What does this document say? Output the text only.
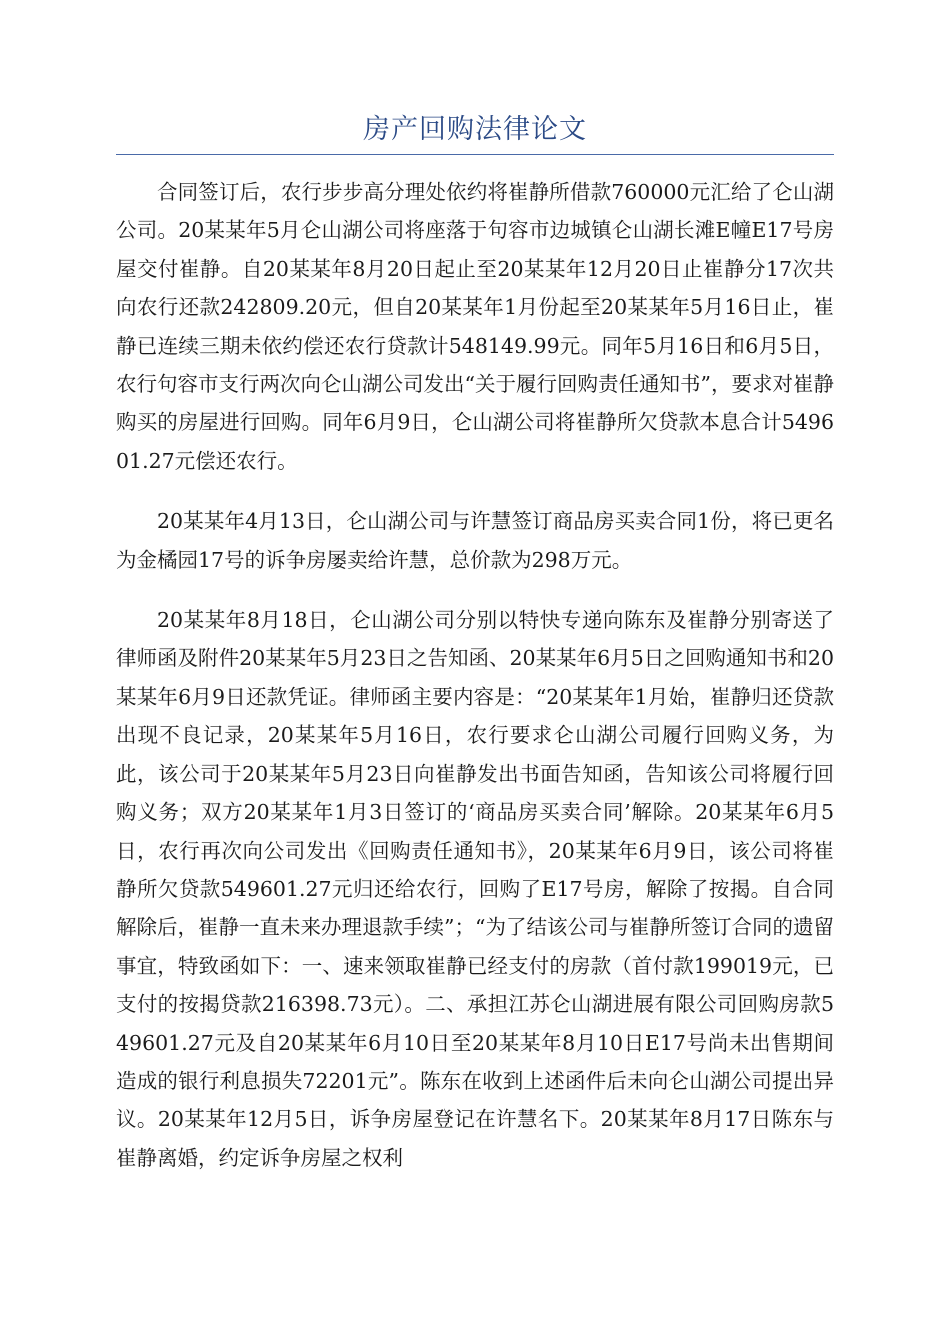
房产回购法律论文

合同签订后，农行步步高分理处依约将崔静所借款760000元汇给了仑山湖公司。20某某年5月仑山湖公司将座落于句容市边城镇仑山湖长滩E幢E17号房屋交付崔静。自20某某年8月20日起止至20某某年12月20日止崔静分17次共向农行还款242809.20元，但自20某某年1月份起至20某某年5月16日止，崔静已连续三期未依约偿还农行贷款计548149.99元。同年5月16日和6月5日，农行句容市支行两次向仑山湖公司发出“关于履行回购责任通知书”，要求对崔静购买的房屋进行回购。同年6月9日，仑山湖公司将崔静所欠贷款本息合计549601.27元偿还农行。

20某某年4月13日，仑山湖公司与许慧签订商品房买卖合同1份，将已更名为金橘园17号的诉争房屡卖给许慧，总价款为298万元。

20某某年8月18日，仑山湖公司分别以特快专递向陈东及崔静分别寄送了律师函及附件20某某年5月23日之告知函、20某某年6月5日之回购通知书和20某某年6月9日还款凭证。律师函主要内容是：“20某某年1月始，崔静归还贷款出现不良记录，20某某年5月16日，农行要求仑山湖公司履行回购义务，为此，该公司于20某某年5月23日向崔静发出书面告知函，告知该公司将履行回购义务；双方20某某年1月3日签订的‘商品房买卖合同’解除。20某某年6月5日，农行再次向公司发出《回购责任通知书》，20某某年6月9日，该公司将崔静所欠贷款549601.27元归还给农行，回购了E17号房，解除了按揭。自合同解除后，崔静一直未来办理退款手续”；“为了结该公司与崔静所签订合同的遗留事宜，特致函如下：一、速来领取崔静已经支付的房款（首付款199019元，已支付的按揭贷款216398.73元）。二、承担江苏仑山湖进展有限公司回购房款549601.27元及自20某某年6月10日至20某某年8月10日E17号尚未出售期间造成的银行利息损失72201元”。陈东在收到上述函件后未向仑山湖公司提出异议。20某某年12月5日，诉争房屋登记在许慧名下。20某某年8月17日陈东与崔静离婚，约定诉争房屋之权利
